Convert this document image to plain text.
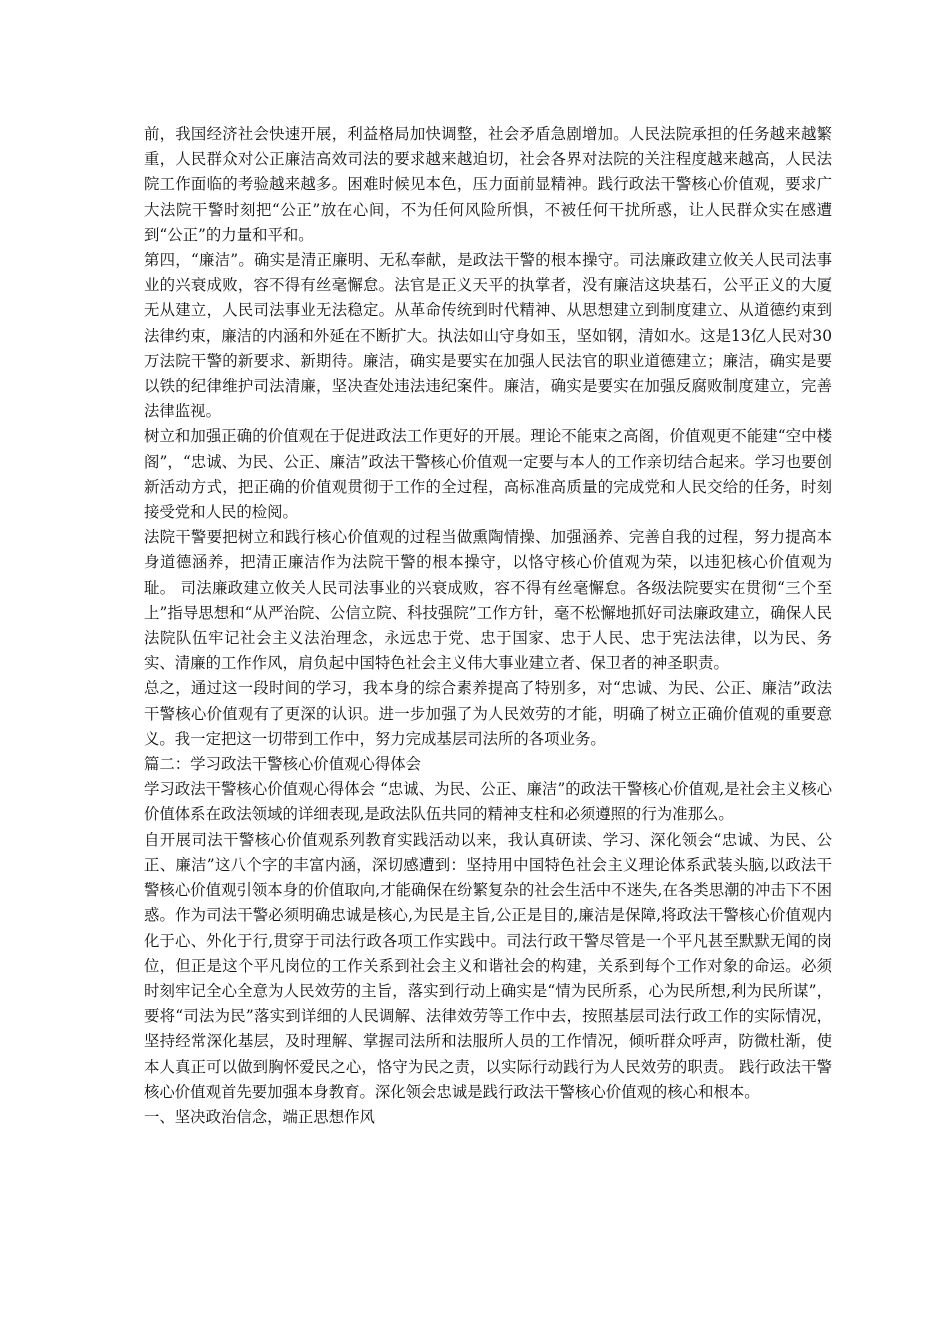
前，我国经济社会快速开展，利益格局加快调整，社会矛盾急剧增加。人民法院承担的任务越来越繁重，人民群众对公正廉洁高效司法的要求越来越迫切，社会各界对法院的关注程度越来越高，人民法院工作面临的考验越来越多。困难时候见本色，压力面前显精神。践行政法干警核心价值观，要求广大法院干警时刻把“公正”放在心间，不为任何风险所惧，不被任何干扰所惑，让人民群众实在感遭到“公正”的力量和平和。

第四，“廉洁”。确实是清正廉明、无私奉献，是政法干警的根本操守。司法廉政建立攸关人民司法事业的兴衰成败，容不得有丝毫懈怠。法官是正义天平的执掌者，没有廉洁这块基石，公平正义的大厦无从建立，人民司法事业无法稳定。从革命传统到时代精神、从思想建立到制度建立、从道德约束到法律约束，廉洁的内涵和外延在不断扩大。执法如山守身如玉，坚如钢，清如水。这是13亿人民对30万法院干警的新要求、新期待。廉洁，确实是要实在加强人民法官的职业道德建立；廉洁，确实是要以铁的纪律维护司法清廉，坚决查处违法违纪案件。廉洁，确实是要实在加强反腐败制度建立，完善法律监视。

树立和加强正确的价值观在于促进政法工作更好的开展。理论不能束之高阁，价值观更不能建“空中楼阁”，“忠诚、为民、公正、廉洁”政法干警核心价值观一定要与本人的工作亲切结合起来。学习也要创新活动方式，把正确的价值观贯彻于工作的全过程，高标准高质量的完成党和人民交给的任务，时刻接受党和人民的检阅。

法院干警要把树立和践行核心价值观的过程当做熏陶情操、加强涵养、完善自我的过程，努力提高本身道德涵养，把清正廉洁作为法院干警的根本操守，以恪守核心价值观为荣，以违犯核心价值观为耻。 司法廉政建立攸关人民司法事业的兴衰成败，容不得有丝毫懈怠。各级法院要实在贯彻“三个至上”指导思想和“从严治院、公信立院、科技强院”工作方针，毫不松懈地抓好司法廉政建立，确保人民法院队伍牢记社会主义法治理念，永远忠于党、忠于国家、忠于人民、忠于宪法法律，以为民、务实、清廉的工作作风，肩负起中国特色社会主义伟大事业建立者、保卫者的神圣职责。

总之，通过这一段时间的学习，我本身的综合素养提高了特别多，对“忠诚、为民、公正、廉洁”政法干警核心价值观有了更深的认识。进一步加强了为人民效劳的才能，明确了树立正确价值观的重要意义。我一定把这一切带到工作中，努力完成基层司法所的各项业务。

篇二：学习政法干警核心价值观心得体会

学习政法干警核心价值观心得体会 “忠诚、为民、公正、廉洁”的政法干警核心价值观,是社会主义核心价值体系在政法领域的详细表现,是政法队伍共同的精神支柱和必须遵照的行为准那么。

自开展司法干警核心价值观系列教育实践活动以来，我认真研读、学习、深化领会“忠诚、为民、公正、廉洁”这八个字的丰富内涵，深切感遭到：坚持用中国特色社会主义理论体系武装头脑,以政法干警核心价值观引领本身的价值取向,才能确保在纷繁复杂的社会生活中不迷失,在各类思潮的冲击下不困惑。作为司法干警必须明确忠诚是核心,为民是主旨,公正是目的,廉洁是保障,将政法干警核心价值观内化于心、外化于行,贯穿于司法行政各项工作实践中。司法行政干警尽管是一个平凡甚至默默无闻的岗位，但正是这个平凡岗位的工作关系到社会主义和谐社会的构建，关系到每个工作对象的命运。必须时刻牢记全心全意为人民效劳的主旨，落实到行动上确实是“情为民所系，心为民所想,利为民所谋”，要将“司法为民”落实到详细的人民调解、法律效劳等工作中去，按照基层司法行政工作的实际情况，坚持经常深化基层，及时理解、掌握司法所和法服所人员的工作情况，倾听群众呼声，防微杜渐，使本人真正可以做到胸怀爱民之心，恪守为民之责，以实际行动践行为人民效劳的职责。 践行政法干警核心价值观首先要加强本身教育。深化领会忠诚是践行政法干警核心价值观的核心和根本。

一、坚决政治信念，端正思想作风
